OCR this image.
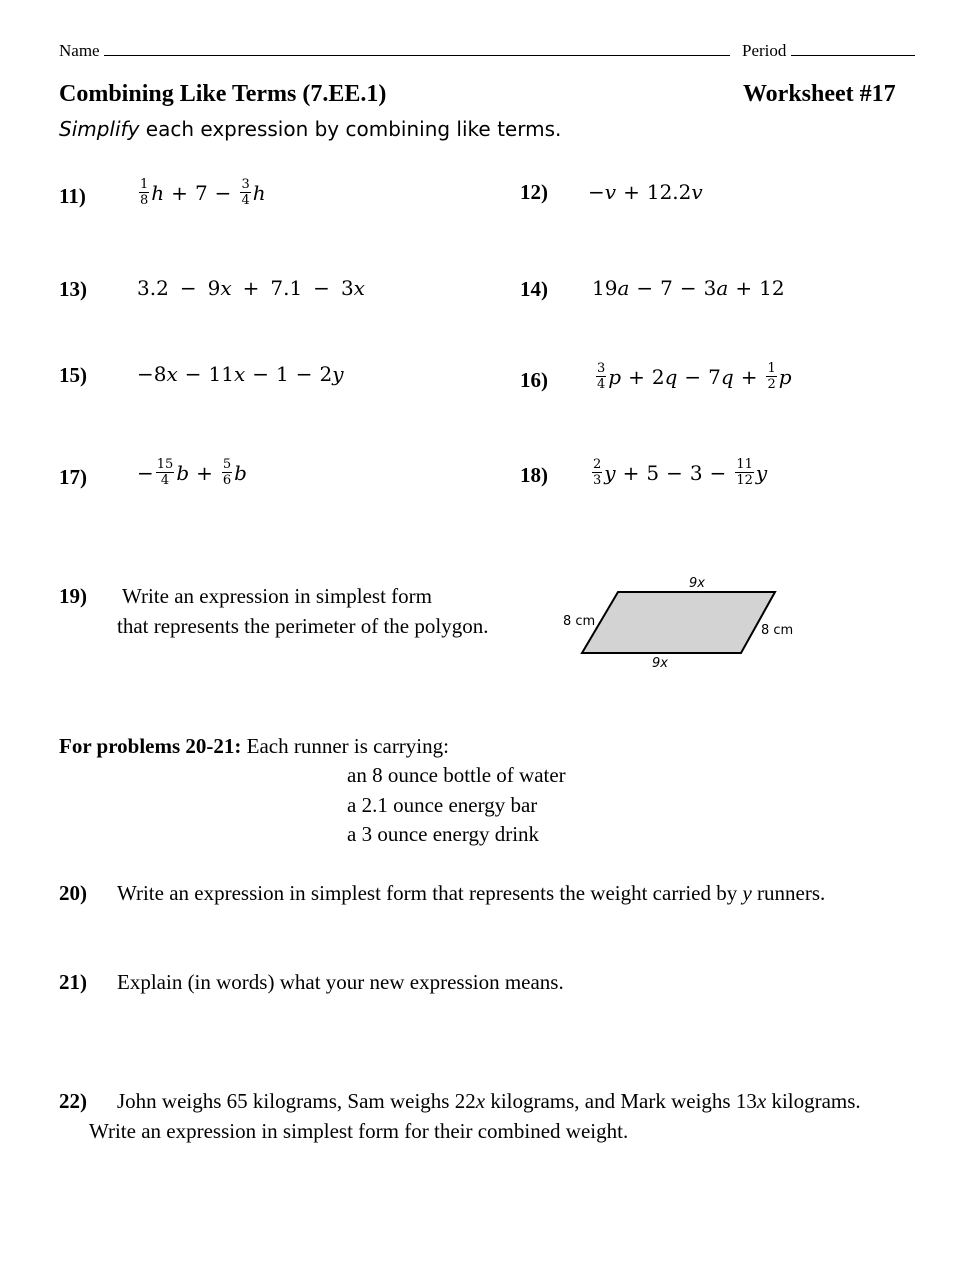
Name	Period
Combining Like Terms (7.EE.1)	Worksheet #17
Simplify each expression by combining like terms.
11)	$\frac{1}{8}$ $h + 7 - \frac{3}{4}$ h	12) − v + 12.2 v
13)	3.2 − 9 x + 7.1 − 3 x	14) 19 a − 7 − 3 a + 12
15)	−8 x − 11 x − 1 − 2 y	16)	$\frac{3}{4}$ p + 2 q − 7 $q + \frac{1}{2}$ p
17)	− $\frac{15}{4}$ $b + \frac{5}{6}$ b	18)	$\frac{2}{3}$ $y + 5 - 3 - \frac{11}{12}$ y
19) Write an expression in simplest form
that represents the perimeter of the polygon.
9x
9x
8 cm
8 cm
For problems 20-21: Each runner is carrying:
an 8 ounce bottle of water
a 2.1 ounce energy bar
a 3 ounce energy drink
20) Write an expression in simplest form that represents the weight carried by y runners.
21) Explain (in words) what your new expression means.
22) John weighs 65 kilograms, Sam weighs 22x kilograms, and Mark weighs 13x kilograms.
Write an expression in simplest form for their combined weight.
